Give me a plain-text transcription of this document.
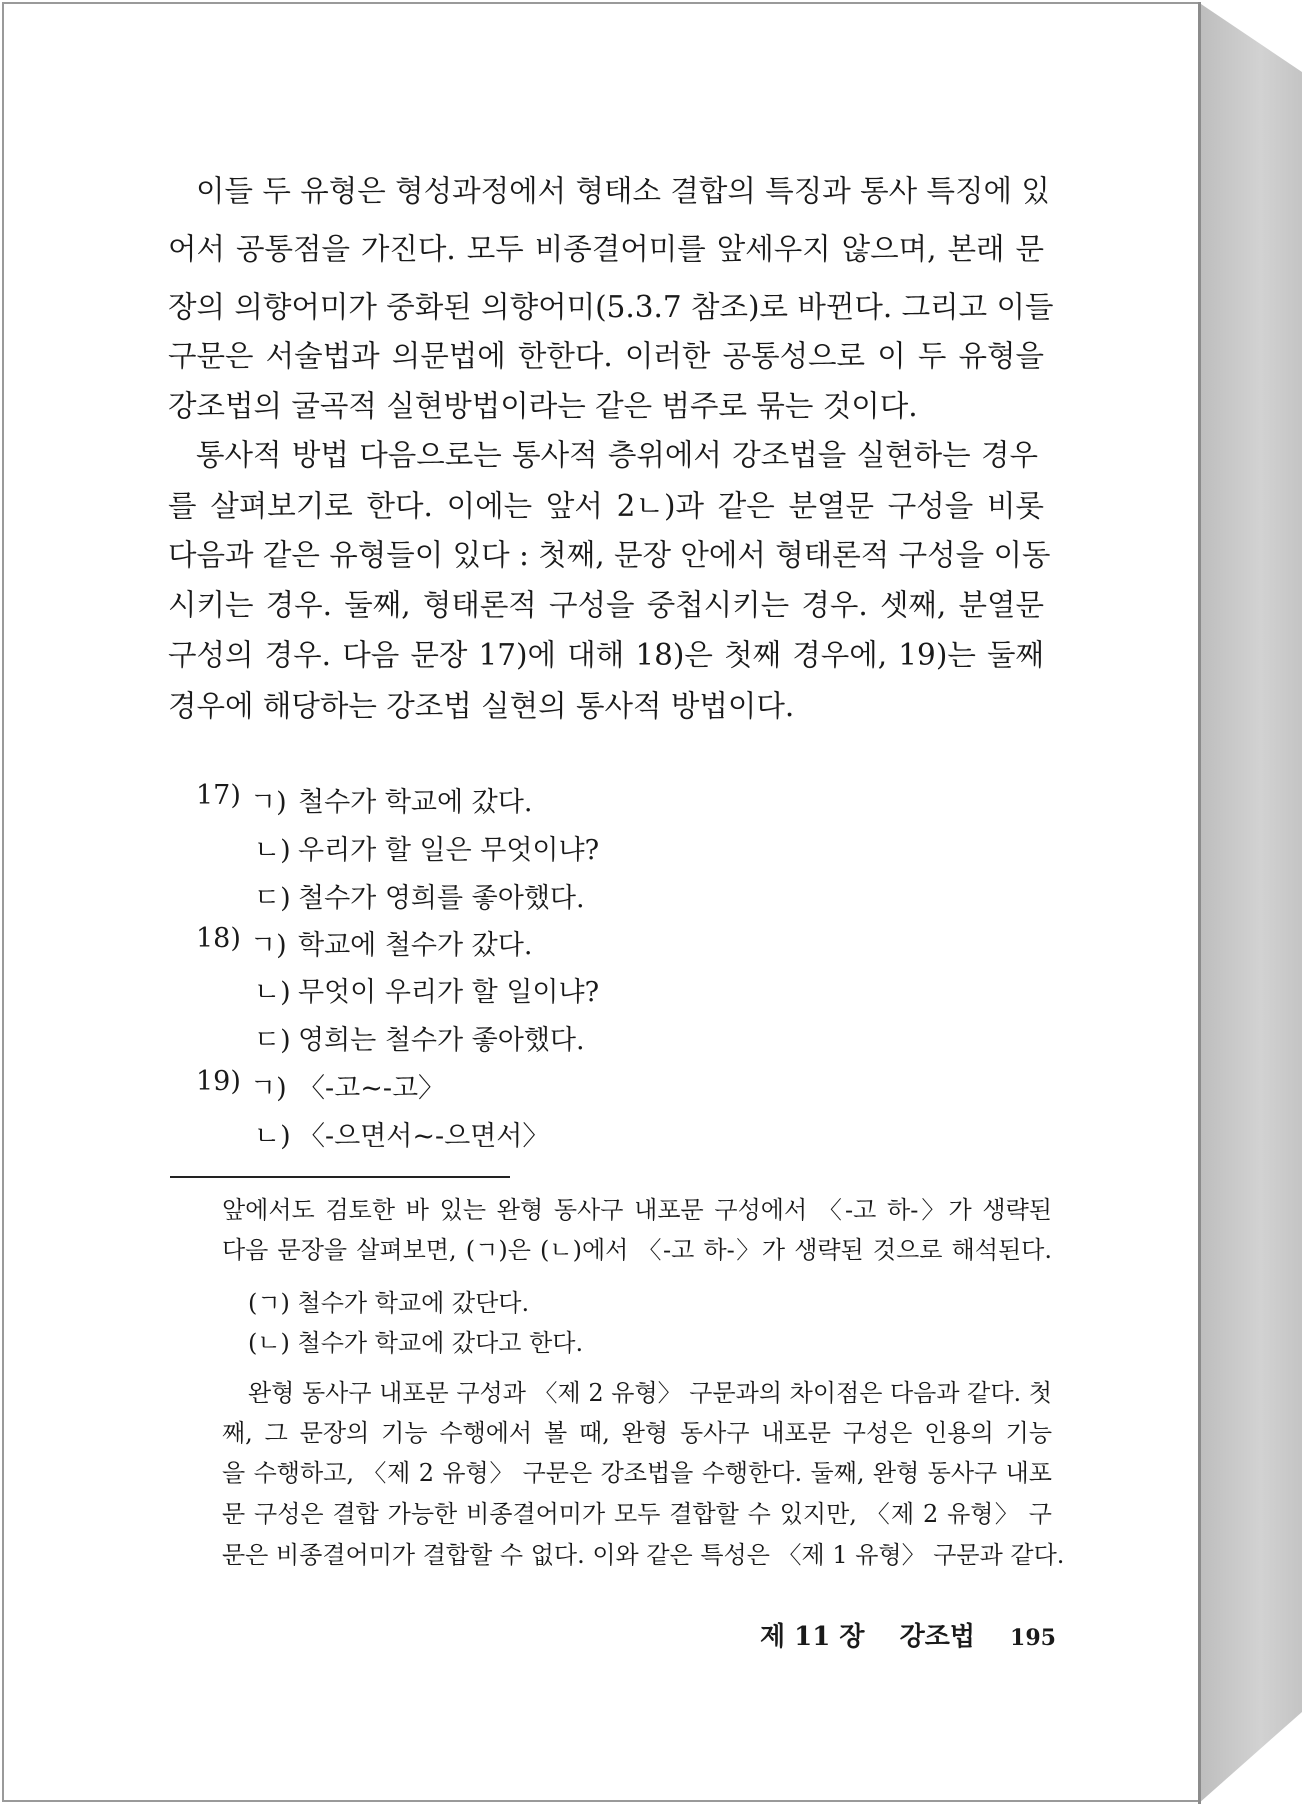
이들 두 유형은 형성과정에서 형태소 결합의 특징과 통사 특징에 있

어서 공통점을 가진다. 모두 비종결어미를 앞세우지 않으며, 본래 문

장의 의향어미가 중화된 의향어미(5.3.7 참조)로 바뀐다. 그리고 이들

구문은 서술법과 의문법에 한한다. 이러한 공통성으로 이 두 유형을

강조법의 굴곡적 실현방법이라는 같은 범주로 묶는 것이다.

통사적 방법 다음으로는 통사적 층위에서 강조법을 실현하는 경우

를 살펴보기로 한다. 이에는 앞서 2ㄴ)과 같은 분열문 구성을 비롯

다음과 같은 유형들이 있다 : 첫째, 문장 안에서 형태론적 구성을 이동

시키는 경우. 둘째, 형태론적 구성을 중첩시키는 경우. 셋째, 분열문

구성의 경우. 다음 문장 17)에 대해 18)은 첫째 경우에, 19)는 둘째

경우에 해당하는 강조법 실현의 통사적 방법이다.

17) ㄱ) 철수가 학교에 갔다.
ㄴ) 우리가 할 일은 무엇이냐?
ㄷ) 철수가 영희를 좋아했다.
18) ㄱ) 학교에 철수가 갔다.
ㄴ) 무엇이 우리가 할 일이냐?
ㄷ) 영희는 철수가 좋아했다.
19) ㄱ) 〈-고~-고〉
ㄴ) 〈-으면서~-으면서〉
앞에서도 검토한 바 있는 완형 동사구 내포문 구성에서 〈-고 하-〉가 생략된
다음 문장을 살펴보면, (ㄱ)은 (ㄴ)에서 〈-고 하-〉가 생략된 것으로 해석된다.
(ㄱ) 철수가 학교에 갔단다.
(ㄴ) 철수가 학교에 갔다고 한다.
완형 동사구 내포문 구성과 〈제 2 유형〉 구문과의 차이점은 다음과 같다. 첫
째, 그 문장의 기능 수행에서 볼 때, 완형 동사구 내포문 구성은 인용의 기능
을 수행하고, 〈제 2 유형〉 구문은 강조법을 수행한다. 둘째, 완형 동사구 내포
문 구성은 결합 가능한 비종결어미가 모두 결합할 수 있지만, 〈제 2 유형〉 구
문은 비종결어미가 결합할 수 없다. 이와 같은 특성은 〈제 1 유형〉 구문과 같다.
제 11 장 강조법 195
